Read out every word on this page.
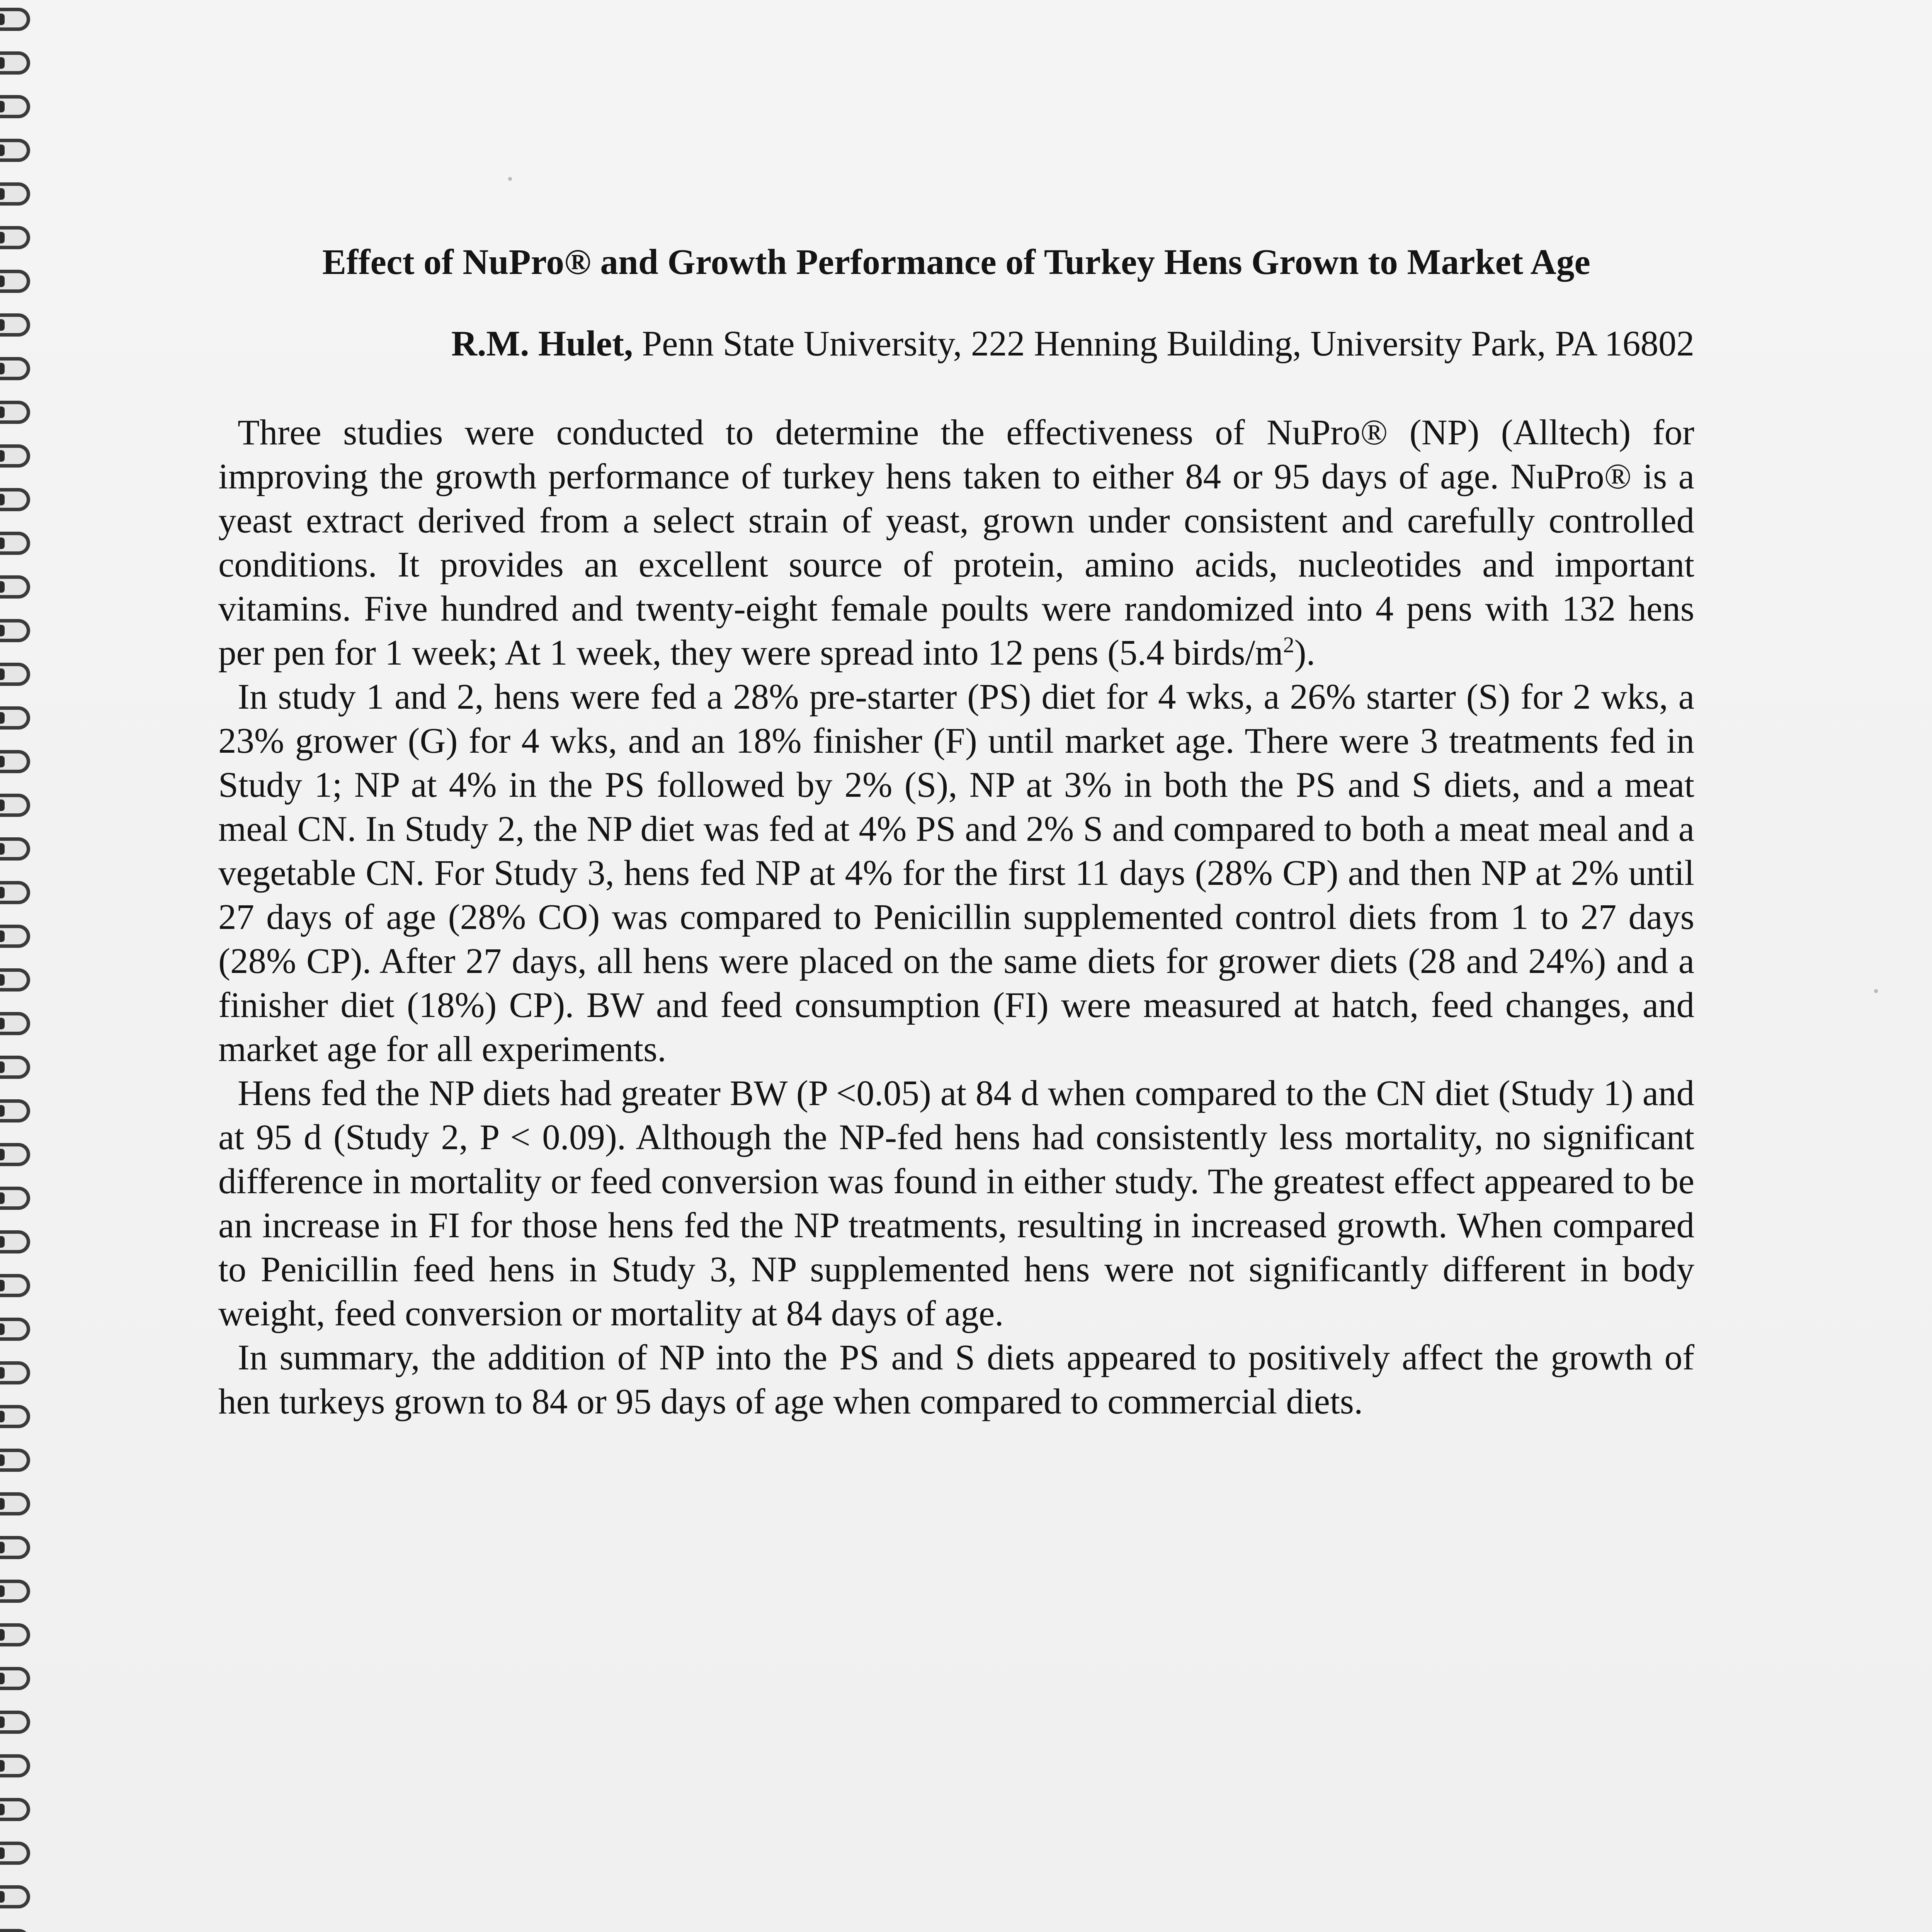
Effect of NuPro® and Growth Performance of Turkey Hens Grown to Market Age

R.M. Hulet, Penn State University, 222 Henning Building, University Park, PA 16802

Three studies were conducted to determine the effectiveness of NuPro® (NP) (Alltech) for improving the growth performance of turkey hens taken to either 84 or 95 days of age. NuPro® is a yeast extract derived from a select strain of yeast, grown under consistent and carefully controlled conditions. It provides an excellent source of protein, amino acids, nucleotides and important vitamins. Five hundred and twenty-eight female poults were randomized into 4 pens with 132 hens per pen for 1 week; At 1 week, they were spread into 12 pens (5.4 birds/$m^2$).

In study 1 and 2, hens were fed a 28% pre-starter (PS) diet for 4 wks, a 26% starter (S) for 2 wks, a 23% grower (G) for 4 wks, and an 18% finisher (F) until market age. There were 3 treatments fed in Study 1; NP at 4% in the PS followed by 2% (S), NP at 3% in both the PS and S diets, and a meat meal CN. In Study 2, the NP diet was fed at 4% PS and 2% S and compared to both a meat meal and a vegetable CN. For Study 3, hens fed NP at 4% for the first 11 days (28% CP) and then NP at 2% until 27 days of age (28% CO) was compared to Penicillin supplemented control diets from 1 to 27 days (28% CP). After 27 days, all hens were placed on the same diets for grower diets (28 and 24%) and a finisher diet (18%) CP). BW and feed consumption (FI) were measured at hatch, feed changes, and market age for all experiments.

Hens fed the NP diets had greater BW (P <0.05) at 84 d when compared to the CN diet (Study 1) and at 95 d (Study 2, P < 0.09). Although the NP-fed hens had consistently less mortality, no significant difference in mortality or feed conversion was found in either study. The greatest effect appeared to be an increase in FI for those hens fed the NP treatments, resulting in increased growth. When compared to Penicillin feed hens in Study 3, NP supplemented hens were not significantly different in body weight, feed conversion or mortality at 84 days of age.

In summary, the addition of NP into the PS and S diets appeared to positively affect the growth of hen turkeys grown to 84 or 95 days of age when compared to commercial diets.
